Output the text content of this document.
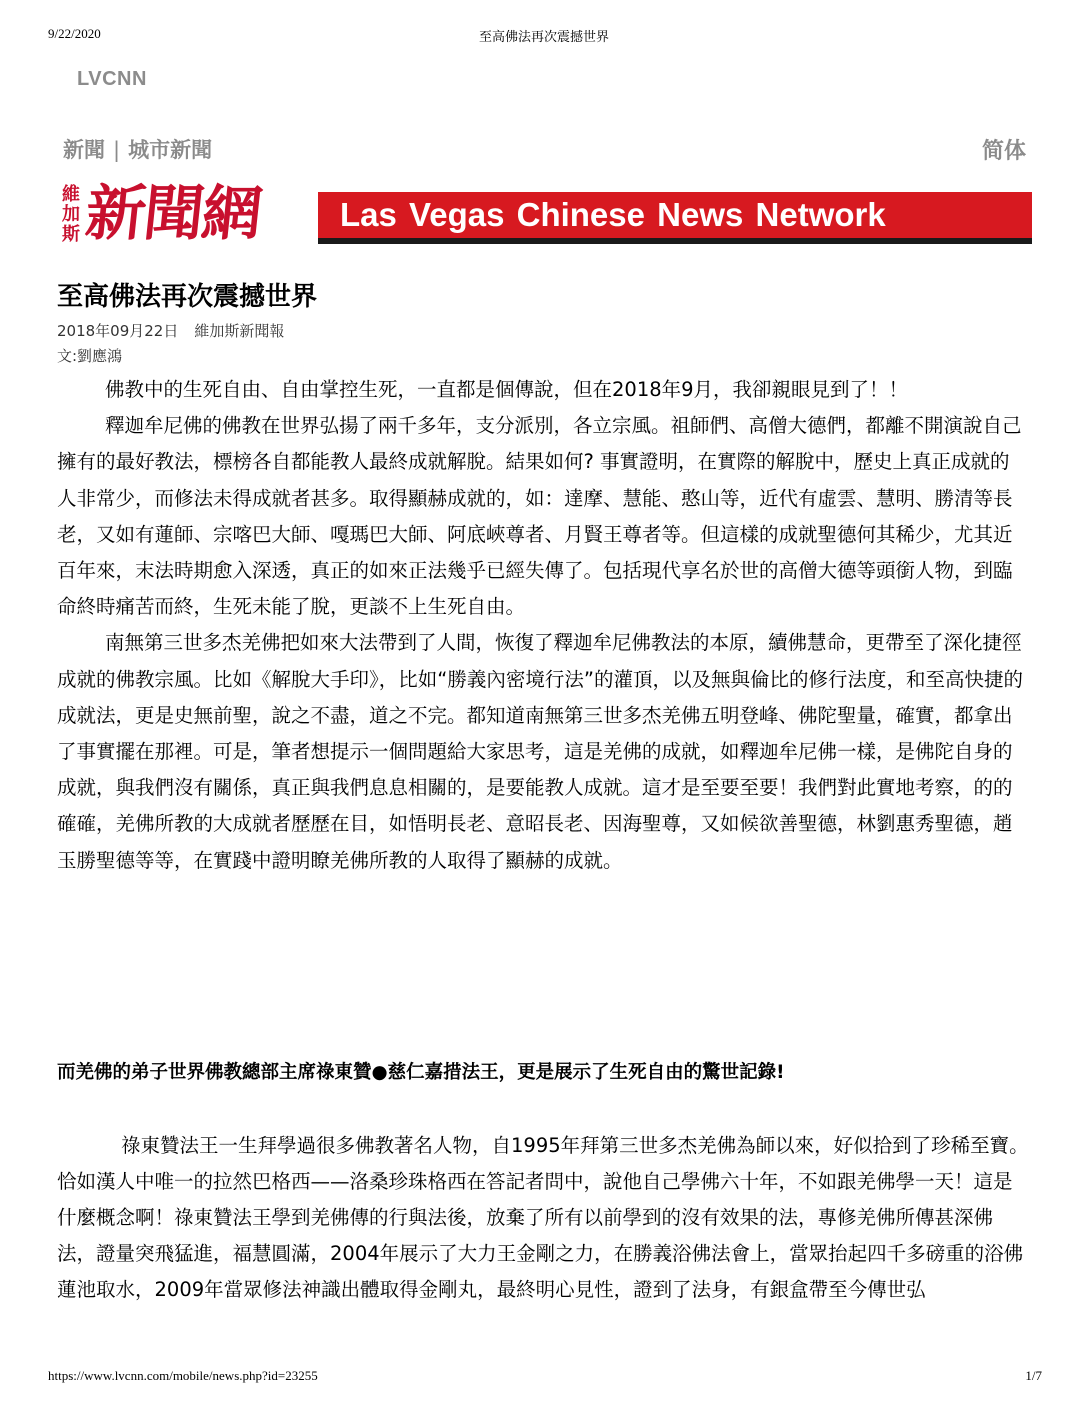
9/22/2020	至高佛法再次震撼世界
LVCNN
新聞 | 城市新聞	简体
維加斯 新聞網 Las Vegas Chinese News Network
至高佛法再次震撼世界
2018年09月22日 維加斯新聞報
文:劉應鴻

佛教中的生死自由、自由掌控生死，一直都是個傳說，但在2018年9月，我卻親眼見到了！！

釋迦牟尼佛的佛教在世界弘揚了兩千多年，支分派別，各立宗風。祖師們、高僧大德們，都離不開演說自己擁有的最好教法，標榜各自都能教人最終成就解脫。結果如何? 事實證明，在實際的解脫中，歷史上真正成就的人非常少，而修法未得成就者甚多。取得顯赫成就的，如：達摩、慧能、憨山等，近代有虛雲、慧明、勝清等長老，又如有蓮師、宗喀巴大師、嘎瑪巴大師、阿底峽尊者、月賢王尊者等。但這樣的成就聖德何其稀少，尤其近百年來，末法時期愈入深透，真正的如來正法幾乎已經失傳了。包括現代享名於世的高僧大德等頭銜人物，到臨命終時痛苦而終，生死未能了脫，更談不上生死自由。

南無第三世多杰羌佛把如來大法帶到了人間，恢復了釋迦牟尼佛教法的本原，續佛慧命，更帶至了深化捷徑成就的佛教宗風。比如《解脫大手印》，比如“勝義內密境行法”的灌頂，以及無與倫比的修行法度，和至高快捷的成就法，更是史無前聖，說之不盡，道之不完。都知道南無第三世多杰羌佛五明登峰、佛陀聖量，確實，都拿出了事實擺在那裡。可是，筆者想提示一個問題給大家思考，這是羌佛的成就，如釋迦牟尼佛一樣，是佛陀自身的成就，與我們沒有關係，真正與我們息息相關的，是要能教人成就。這才是至要至要！我們對此實地考察，的的確確，羌佛所教的大成就者歷歷在目，如悟明長老、意昭長老、因海聖尊，又如候欲善聖德，林劉惠秀聖德，趙玉勝聖德等等，在實踐中證明瞭羌佛所教的人取得了顯赫的成就。

而羌佛的弟子世界佛教總部主席祿東贊●慈仁嘉措法王，更是展示了生死自由的驚世記錄!

祿東贊法王一生拜學過很多佛教著名人物，自1995年拜第三世多杰羌佛為師以來，好似拾到了珍稀至寶。恰如漢人中唯一的拉然巴格西——洛桑珍珠格西在答記者問中，說他自己學佛六十年，不如跟羌佛學一天！這是什麼概念啊！祿東贊法王學到羌佛傳的行與法後，放棄了所有以前學到的沒有效果的法，專修羌佛所傳甚深佛法，證量突飛猛進，福慧圓滿，2004年展示了大力王金剛之力，在勝義浴佛法會上，當眾抬起四千多磅重的浴佛蓮池取水，2009年當眾修法神識出體取得金剛丸，最終明心見性，證到了法身，有銀盒帶至今傳世弘

https://www.lvcnn.com/mobile/news.php?id=23255	1/7
